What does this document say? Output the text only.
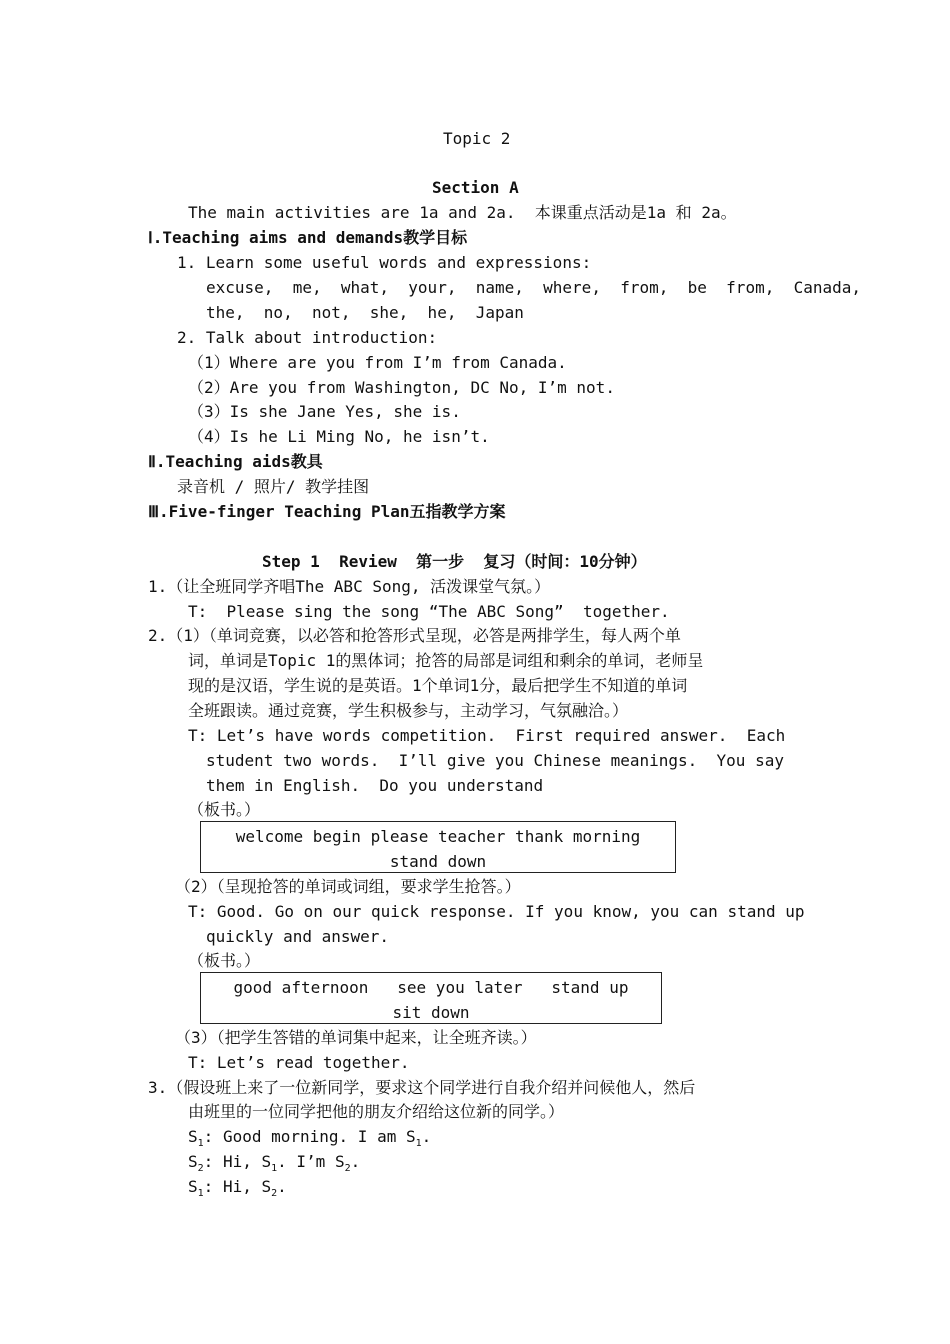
Topic 2
Section A
The main activities are 1a and 2a.  本课重点活动是1a 和 2a。
Ⅰ.Teaching aims and demands教学目标
1. Learn some useful words and expressions:
excuse,  me,  what,  your,  name,  where,  from,  be  from,  Canada,
the,  no,  not,  she,  he,  Japan
2. Talk about introduction:
（1）Where are you from I’m from Canada.
（2）Are you from Washington, DC No, I’m not.
（3）Is she Jane Yes, she is.
（4）Is he Li Ming No, he isn’t.
Ⅱ.Teaching aids教具
录音机 / 照片/ 教学挂图
Ⅲ.Five-finger Teaching Plan五指教学方案
Step 1  Review  第一步  复习（时间：10分钟）
1.（让全班同学齐唱The ABC Song, 活泼课堂气氛。）
T:  Please sing the song “The ABC Song”  together.
2.（1）（单词竞赛，以必答和抢答形式呈现，必答是两排学生，每人两个单
词，单词是Topic 1的黑体词；抢答的局部是词组和剩余的单词，老师呈
现的是汉语，学生说的是英语。1个单词1分，最后把学生不知道的单词
全班跟读。通过竞赛，学生积极参与，主动学习，气氛融洽。）
T: Let’s have words competition.  First required answer.  Each
student two words.  I’ll give you Chinese meanings.  You say
them in English.  Do you understand
（板书。）
welcome begin please teacher thank morning
stand down
（2）（呈现抢答的单词或词组，要求学生抢答。）
T: Good. Go on our quick response. If you know, you can stand up
quickly and answer.
（板书。）
good afternoon   see you later   stand up
sit down
（3）（把学生答错的单词集中起来，让全班齐读。）
T: Let’s read together.
3.（假设班上来了一位新同学，要求这个同学进行自我介绍并问候他人，然后
由班里的一位同学把他的朋友介绍给这位新的同学。）
$S_1$: Good morning. I am $S_1$.
$S_2$: Hi, $S_1$. I’m $S_2$.
$S_1$: Hi, $S_2$.
